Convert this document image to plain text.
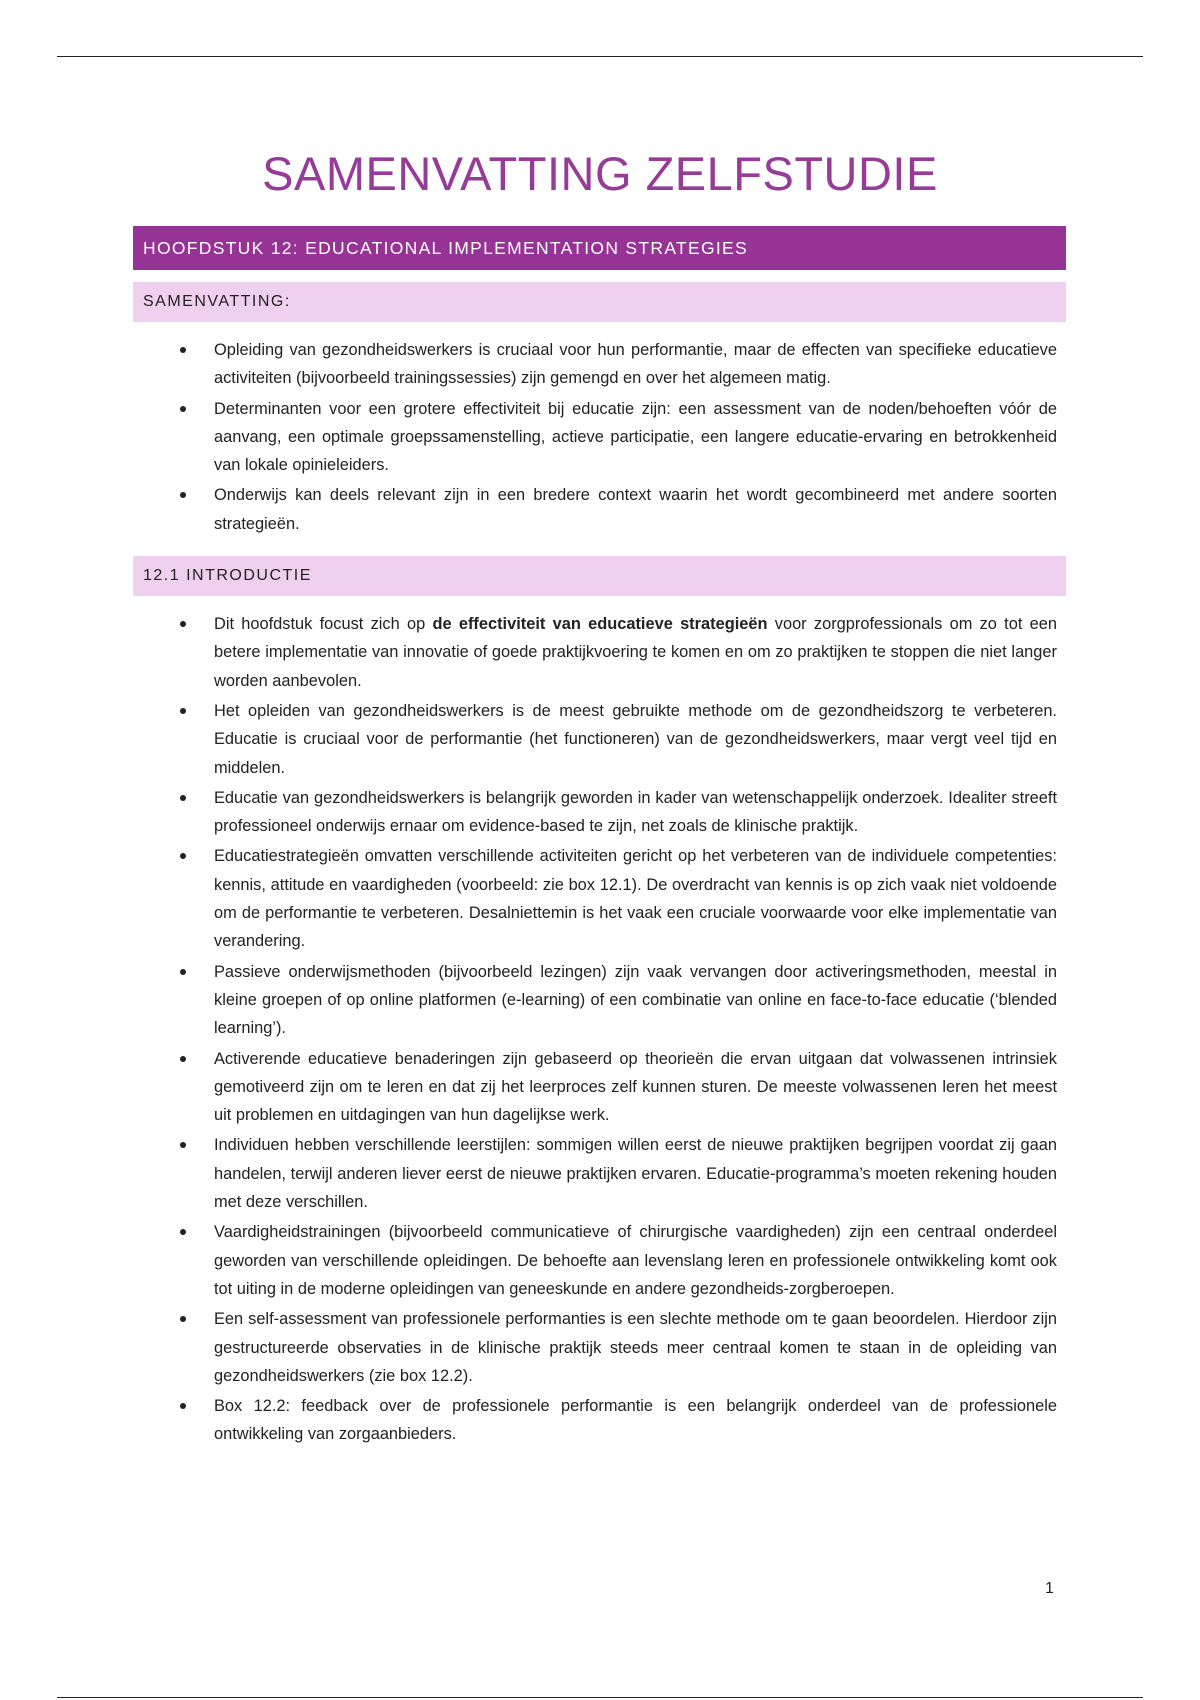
SAMENVATTING ZELFSTUDIE
HOOFDSTUK 12: EDUCATIONAL IMPLEMENTATION STRATEGIES
SAMENVATTING:
Opleiding van gezondheidswerkers is cruciaal voor hun performantie, maar de effecten van specifieke educatieve activiteiten (bijvoorbeeld trainingssessies) zijn gemengd en over het algemeen matig.
Determinanten voor een grotere effectiviteit bij educatie zijn: een assessment van de noden/behoeften vóór de aanvang, een optimale groepssamenstelling, actieve participatie, een langere educatie-ervaring en betrokkenheid van lokale opinieleiders.
Onderwijs kan deels relevant zijn in een bredere context waarin het wordt gecombineerd met andere soorten strategieën.
12.1 INTRODUCTIE
Dit hoofdstuk focust zich op de effectiviteit van educatieve strategieën voor zorgprofessionals om zo tot een betere implementatie van innovatie of goede praktijkvoering te komen en om zo praktijken te stoppen die niet langer worden aanbevolen.
Het opleiden van gezondheidswerkers is de meest gebruikte methode om de gezondheidszorg te verbeteren. Educatie is cruciaal voor de performantie (het functioneren) van de gezondheidswerkers, maar vergt veel tijd en middelen.
Educatie van gezondheidswerkers is belangrijk geworden in kader van wetenschappelijk onderzoek. Idealiter streeft professioneel onderwijs ernaar om evidence-based te zijn, net zoals de klinische praktijk.
Educatiestrategieën omvatten verschillende activiteiten gericht op het verbeteren van de individuele competenties: kennis, attitude en vaardigheden (voorbeeld: zie box 12.1). De overdracht van kennis is op zich vaak niet voldoende om de performantie te verbeteren. Desalniettemin is het vaak een cruciale voorwaarde voor elke implementatie van verandering.
Passieve onderwijsmethoden (bijvoorbeeld lezingen) zijn vaak vervangen door activeringsmethoden, meestal in kleine groepen of op online platformen (e-learning) of een combinatie van online en face-to-face educatie (‘blended learning’).
Activerende educatieve benaderingen zijn gebaseerd op theorieën die ervan uitgaan dat volwassenen intrinsiek gemotiveerd zijn om te leren en dat zij het leerproces zelf kunnen sturen. De meeste volwassenen leren het meest uit problemen en uitdagingen van hun dagelijkse werk.
Individuen hebben verschillende leerstijlen: sommigen willen eerst de nieuwe praktijken begrijpen voordat zij gaan handelen, terwijl anderen liever eerst de nieuwe praktijken ervaren. Educatie-programma’s moeten rekening houden met deze verschillen.
Vaardigheidstrainingen (bijvoorbeeld communicatieve of chirurgische vaardigheden) zijn een centraal onderdeel geworden van verschillende opleidingen. De behoefte aan levenslang leren en professionele ontwikkeling komt ook tot uiting in de moderne opleidingen van geneeskunde en andere gezondheids-zorgberoepen.
Een self-assessment van professionele performanties is een slechte methode om te gaan beoordelen. Hierdoor zijn gestructureerde observaties in de klinische praktijk steeds meer centraal komen te staan in de opleiding van gezondheidswerkers (zie box 12.2).
Box 12.2: feedback over de professionele performantie is een belangrijk onderdeel van de professionele ontwikkeling van zorgaanbieders.
1
